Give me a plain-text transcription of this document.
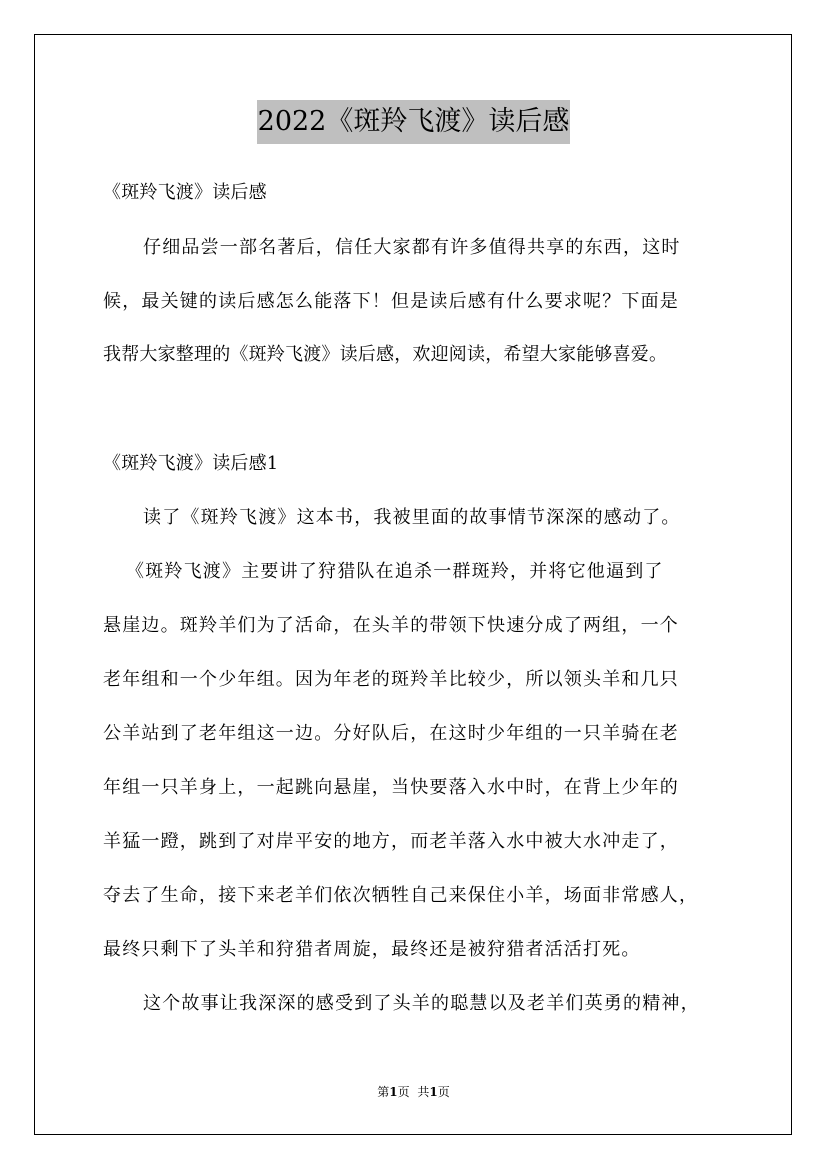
2022《斑羚飞渡》读后感
《斑羚飞渡》读后感
仔细品尝一部名著后，信任大家都有许多值得共享的东西，这时
候，最关键的读后感怎么能落下！但是读后感有什么要求呢？下面是
我帮大家整理的《斑羚飞渡》读后感，欢迎阅读，希望大家能够喜爱。
《斑羚飞渡》读后感1
读了《斑羚飞渡》这本书，我被里面的故事情节深深的感动了。
《斑羚飞渡》主要讲了狩猎队在追杀一群斑羚，并将它他逼到了
悬崖边。斑羚羊们为了活命，在头羊的带领下快速分成了两组，一个
老年组和一个少年组。因为年老的斑羚羊比较少，所以领头羊和几只
公羊站到了老年组这一边。分好队后，在这时少年组的一只羊骑在老
年组一只羊身上，一起跳向悬崖，当快要落入水中时，在背上少年的
羊猛一蹬，跳到了对岸平安的地方，而老羊落入水中被大水冲走了，
夺去了生命，接下来老羊们依次牺牲自己来保住小羊，场面非常感人，
最终只剩下了头羊和狩猎者周旋，最终还是被狩猎者活活打死。
这个故事让我深深的感受到了头羊的聪慧以及老羊们英勇的精神，
第1页 共1页
